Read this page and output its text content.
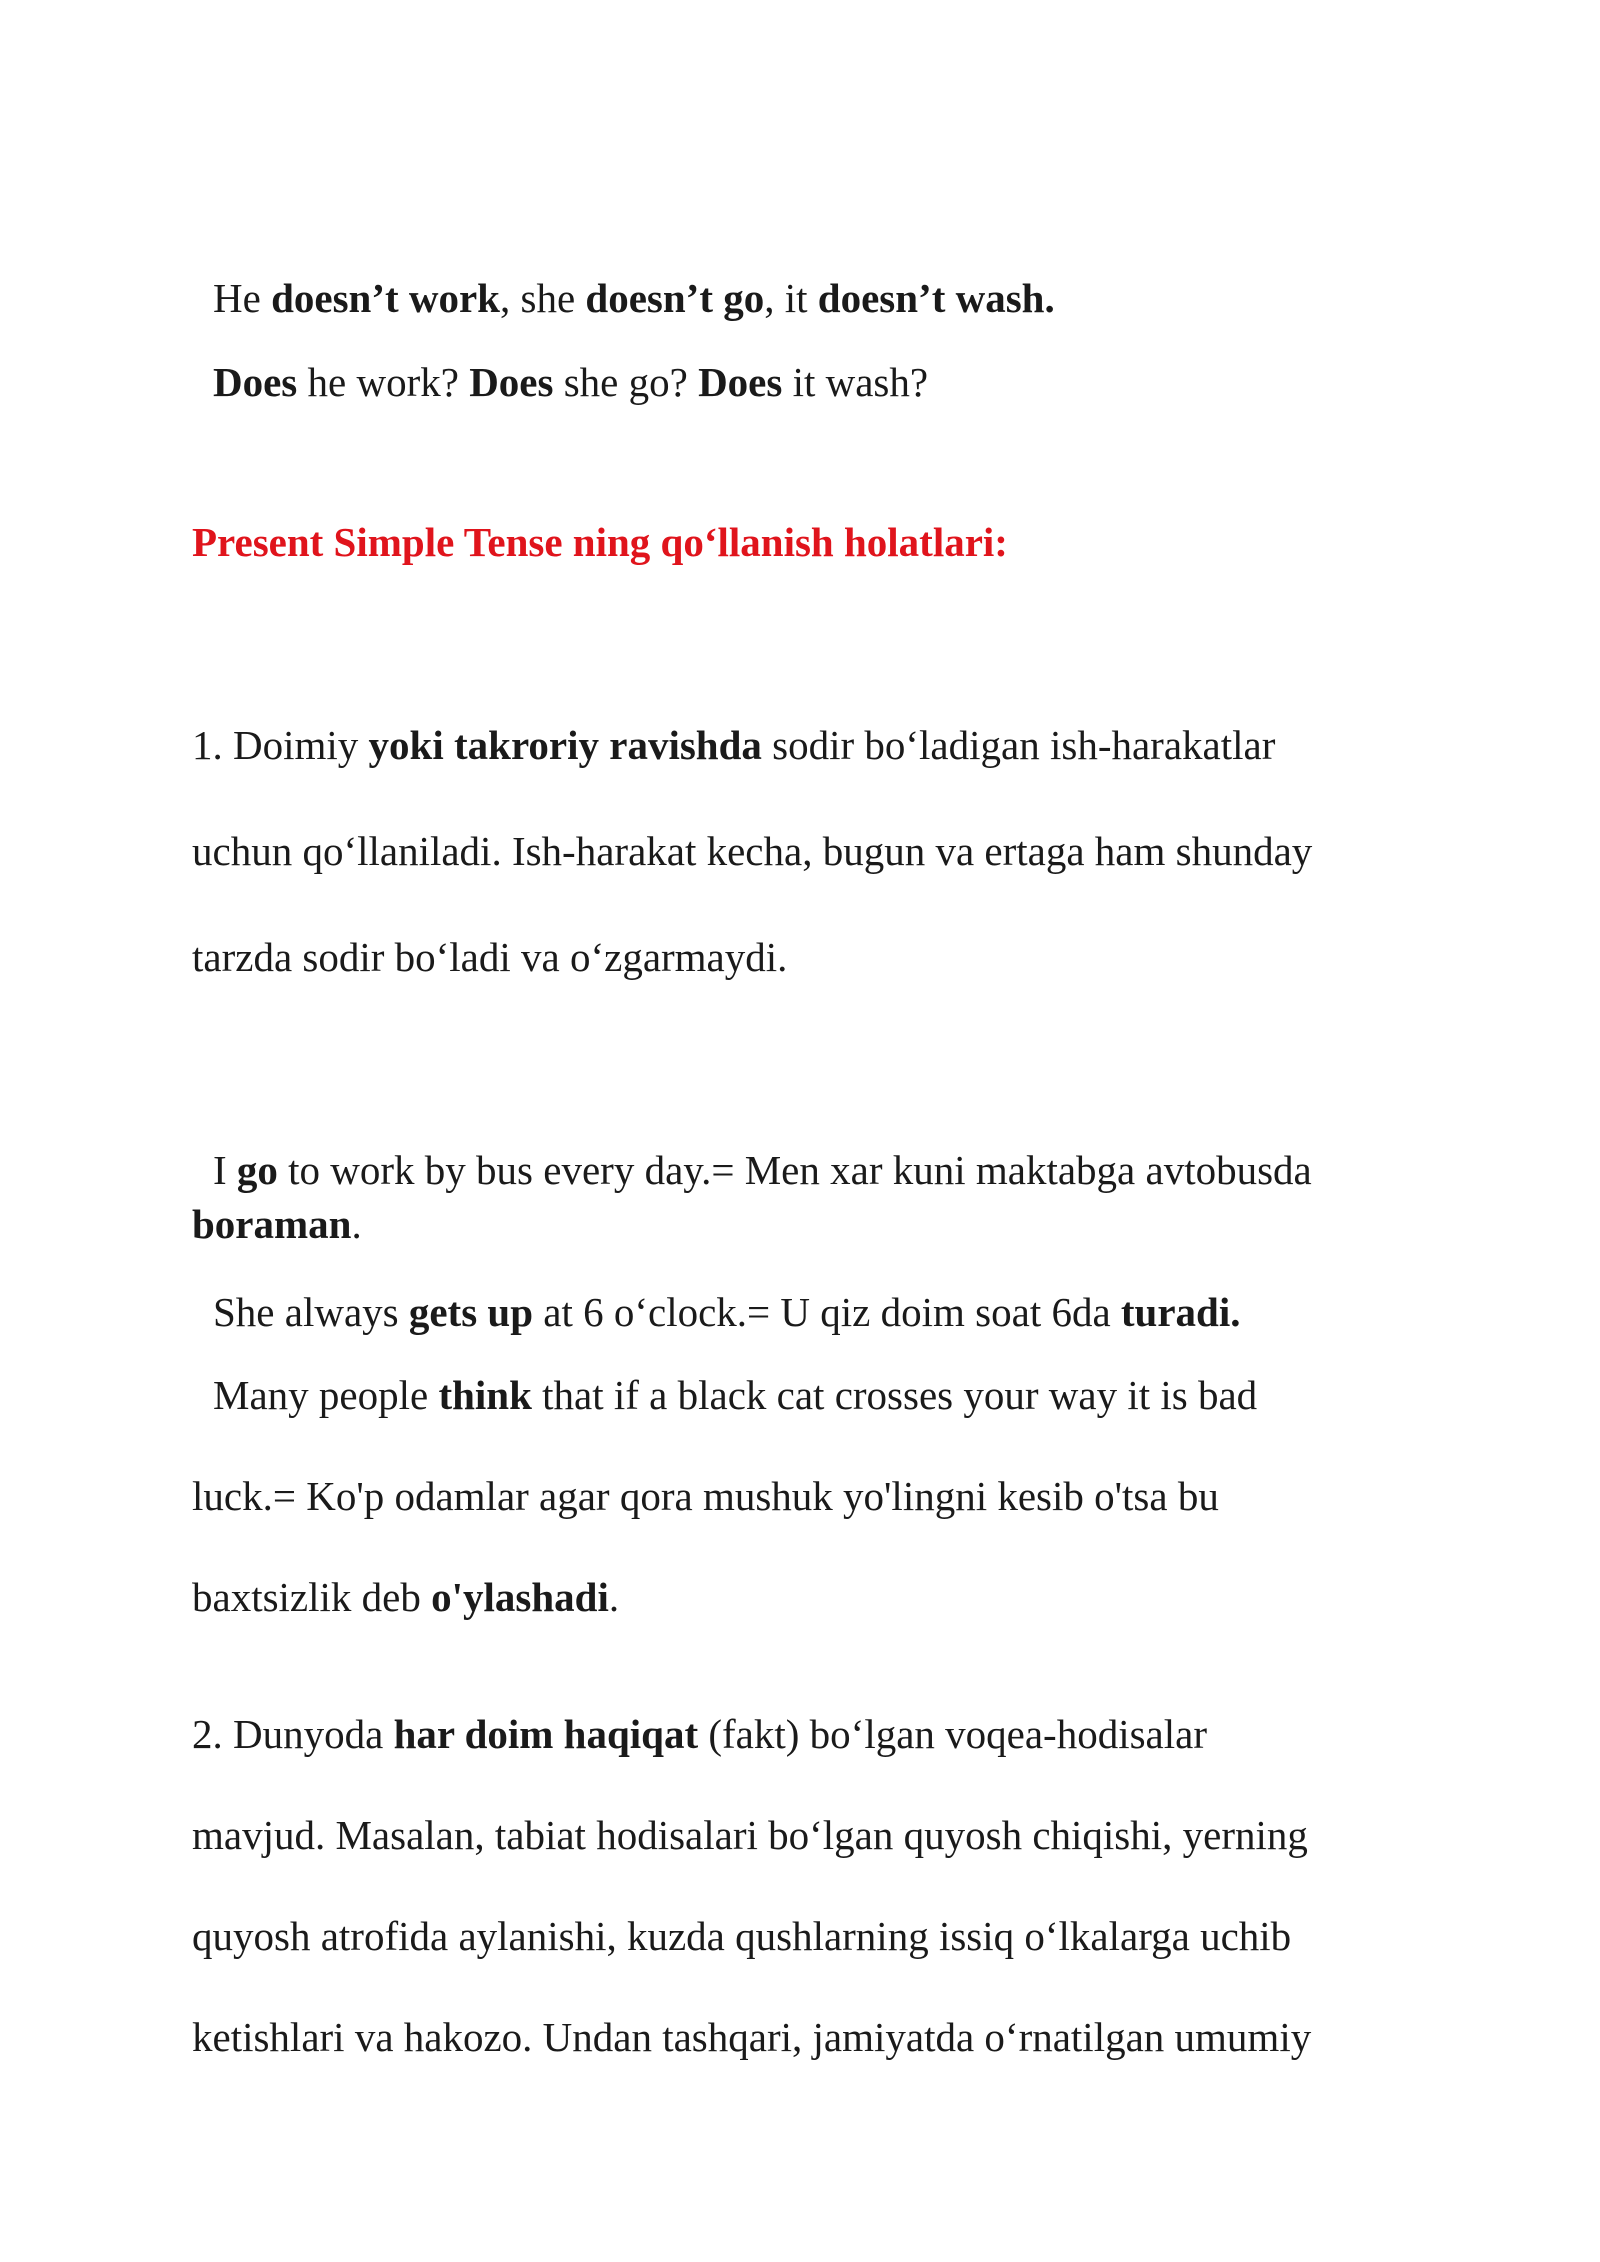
He doesn’t work, she doesn’t go, it doesn’t wash.
Does he work? Does she go? Does it wash?
Present Simple Tense ning qo‘llanish holatlari:
1. Doimiy yoki takroriy ravishda sodir bo‘ladigan ish-harakatlar
uchun qo‘llaniladi. Ish-harakat kecha, bugun va ertaga ham shunday
tarzda sodir bo‘ladi va o‘zgarmaydi.
I go to work by bus every day.= Men xar kuni maktabga avtobusda
boraman.
She always gets up at 6 o‘clock.= U qiz doim soat 6da turadi.
Many people think that if a black cat crosses your way it is bad
luck.= Ko'p odamlar agar qora mushuk yo'lingni kesib o'tsa bu
baxtsizlik deb o'ylashadi.
2. Dunyoda har doim haqiqat (fakt) bo‘lgan voqea-hodisalar
mavjud. Masalan, tabiat hodisalari bo‘lgan quyosh chiqishi, yerning
quyosh atrofida aylanishi, kuzda qushlarning issiq o‘lkalarga uchib
ketishlari va hakozo. Undan tashqari, jamiyatda o‘rnatilgan umumiy
